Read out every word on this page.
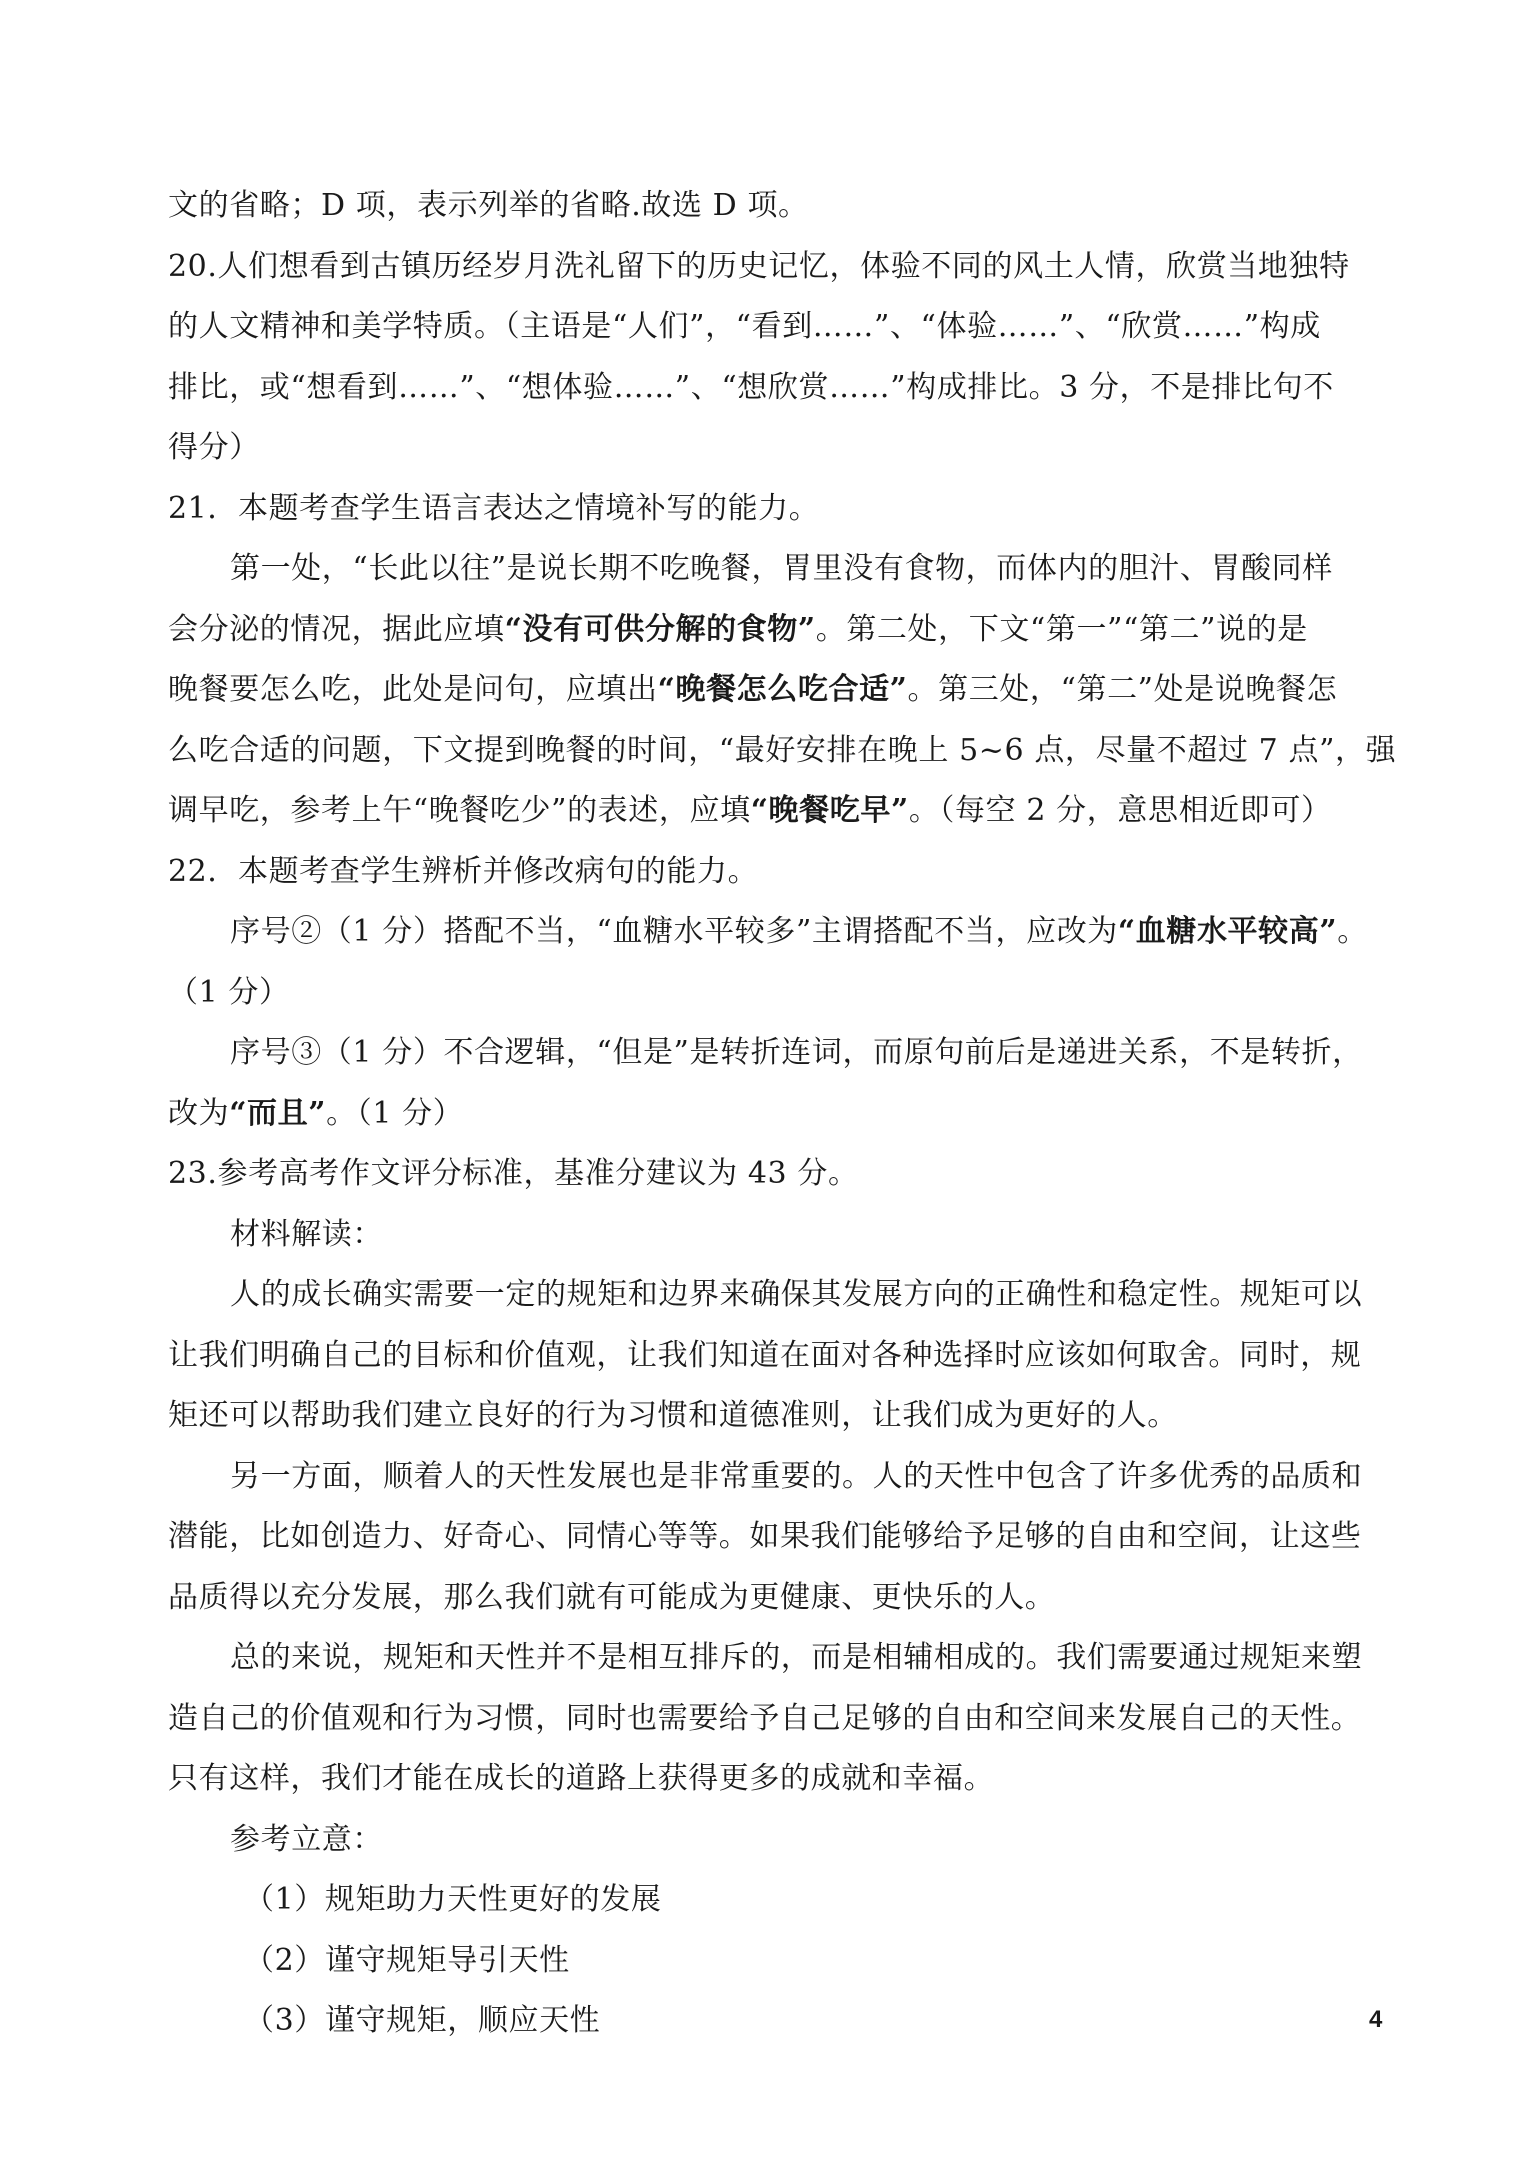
文的省略；D 项，表示列举的省略.故选 D 项。
20.人们想看到古镇历经岁月洗礼留下的历史记忆，体验不同的风土人情，欣赏当地独特
的人文精神和美学特质。（主语是“人们”，“看到……”、“体验……”、“欣赏……”构成
排比，或“想看到……”、“想体验……”、“想欣赏……”构成排比。3 分，不是排比句不
得分）
21．本题考查学生语言表达之情境补写的能力。
第一处，“长此以往”是说长期不吃晚餐，胃里没有食物，而体内的胆汁、胃酸同样
会分泌的情况，据此应填“没有可供分解的食物”。第二处，下文“第一”“第二”说的是
晚餐要怎么吃，此处是问句，应填出“晚餐怎么吃合适”。第三处，“第二”处是说晚餐怎
么吃合适的问题，下文提到晚餐的时间，“最好安排在晚上 5~6 点，尽量不超过 7 点”，强
调早吃，参考上午“晚餐吃少”的表述，应填“晚餐吃早”。（每空 2 分，意思相近即可）
22．本题考查学生辨析并修改病句的能力。
序号②（1 分）搭配不当，“血糖水平较多”主谓搭配不当，应改为“血糖水平较高”。
（1 分）
序号③（1 分）不合逻辑，“但是”是转折连词，而原句前后是递进关系，不是转折，
改为“而且”。（1 分）
23.参考高考作文评分标准，基准分建议为 43 分。
材料解读：
人的成长确实需要一定的规矩和边界来确保其发展方向的正确性和稳定性。规矩可以
让我们明确自己的目标和价值观，让我们知道在面对各种选择时应该如何取舍。同时，规
矩还可以帮助我们建立良好的行为习惯和道德准则，让我们成为更好的人。
另一方面，顺着人的天性发展也是非常重要的。人的天性中包含了许多优秀的品质和
潜能，比如创造力、好奇心、同情心等等。如果我们能够给予足够的自由和空间，让这些
品质得以充分发展，那么我们就有可能成为更健康、更快乐的人。
总的来说，规矩和天性并不是相互排斥的，而是相辅相成的。我们需要通过规矩来塑
造自己的价值观和行为习惯，同时也需要给予自己足够的自由和空间来发展自己的天性。
只有这样，我们才能在成长的道路上获得更多的成就和幸福。
参考立意：
（1）规矩助力天性更好的发展
（2）谨守规矩导引天性
（3）谨守规矩，顺应天性	4
